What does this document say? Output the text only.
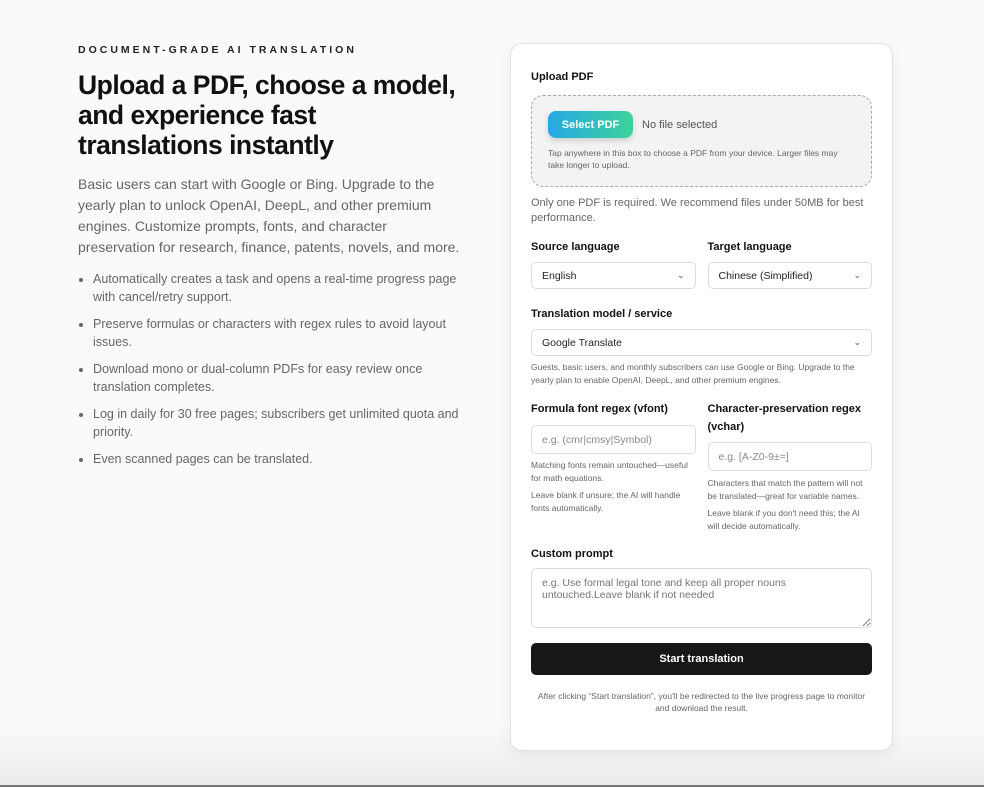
DOCUMENT-GRADE AI TRANSLATION
Upload a PDF, choose a model, and experience fast translations instantly

Basic users can start with Google or Bing. Upgrade to the yearly plan to unlock OpenAI, DeepL, and other premium engines. Customize prompts, fonts, and character preservation for research, finance, patents, novels, and more.

• Automatically creates a task and opens a real-time progress page with cancel/retry support.
• Preserve formulas or characters with regex rules to avoid layout issues.
• Download mono or dual-column PDFs for easy review once translation completes.
• Log in daily for 30 free pages; subscribers get unlimited quota and priority.
• Even scanned pages can be translated.
Upload PDF
Select PDF	No file selected
Tap anywhere in this box to choose a PDF from your device. Larger files may take longer to upload.
Only one PDF is required. We recommend files under 50MB for best performance.
Source language
English	⌄
Target language
Chinese (Simplified)	⌄
Translation model / service
Google Translate	⌄
Guests, basic users, and monthly subscribers can use Google or Bing. Upgrade to the yearly plan to enable OpenAI, DeepL, and other premium engines.
Formula font regex (vfont)
e.g. (cmr|cmsy|Symbol)
Matching fonts remain untouched—useful for math equations.
Leave blank if unsure; the AI will handle fonts automatically.
Character-preservation regex (vchar)
e.g. [A-Z0-9±=]
Characters that match the pattern will not be translated—great for variable names.
Leave blank if you don't need this; the AI will decide automatically.
Custom prompt
e.g. Use formal legal tone and keep all proper nouns untouched.Leave blank if not needed Start translation
After clicking “Start translation”, you'll be redirected to the live progress page to monitor and download the result.
